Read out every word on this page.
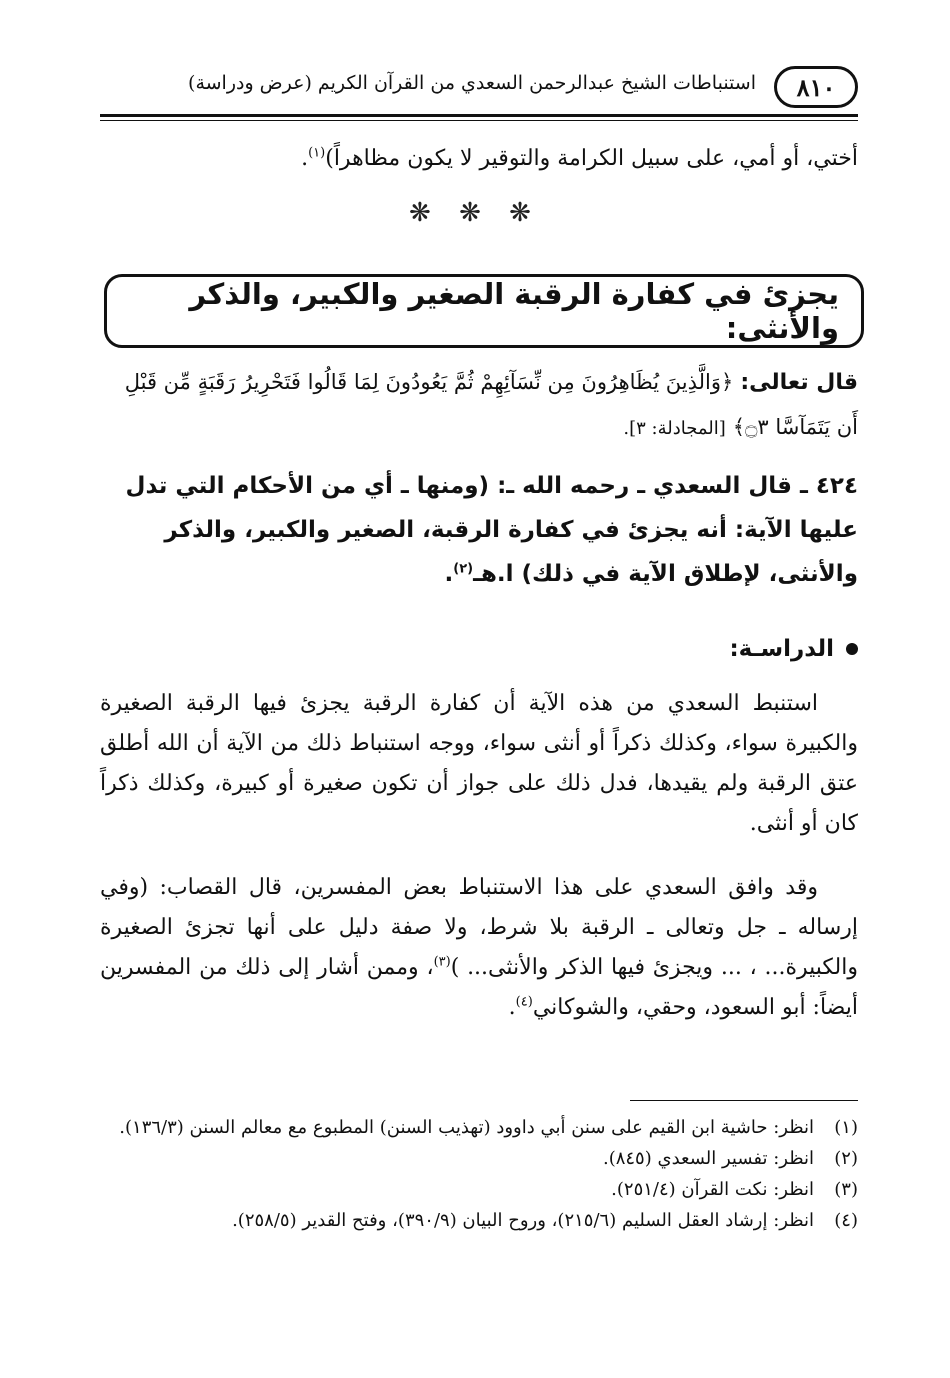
٨١٠
استنباطات الشيخ عبدالرحمن السعدي من القرآن الكريم (عرض ودراسة)
أختي، أو أمي، على سبيل الكرامة والتوقير لا يكون مظاهراً)$^{(١)}$.
❋ ❋ ❋
يجزئ في كفارة الرقبة الصغير والكبير، والذكر والأنثى:
قال تعالى: ﴿وَالَّذِينَ يُظَاهِرُونَ مِن نِّسَآئِهِمْ ثُمَّ يَعُودُونَ لِمَا قَالُوا فَتَحْرِيرُ رَقَبَةٍ مِّن قَبْلِ أَن يَتَمَآسَّا ۝٣﴾ [المجادلة: ٣].
٤٢٤ ـ قال السعدي ـ رحمه الله ـ: (ومنها ـ أي من الأحكام التي تدل عليها الآية: أنه يجزئ في كفارة الرقبة، الصغير والكبير، والذكر والأنثى، لإطلاق الآية في ذلك) ا.هـ$^{(٢)}$.
الدراسـة:

استنبط السعدي من هذه الآية أن كفارة الرقبة يجزئ فيها الرقبة الصغيرة والكبيرة سواء، وكذلك ذكراً أو أنثى سواء، ووجه استنباط ذلك من الآية أن الله أطلق عتق الرقبة ولم يقيدها، فدل ذلك على جواز أن تكون صغيرة أو كبيرة، وكذلك ذكراً كان أو أنثى.

وقد وافق السعدي على هذا الاستنباط بعض المفسرين، قال القصاب: (وفي إرساله ـ جل وتعالى ـ الرقبة بلا شرط، ولا صفة دليل على أنها تجزئ الصغيرة والكبيرة... ، ... ويجزئ فيها الذكر والأنثى... )$^{(٣)}$، وممن أشار إلى ذلك من المفسرين أيضاً: أبو السعود، وحقي، والشوكاني$^{(٤)}$.

(١)
انظر: حاشية ابن القيم على سنن أبي داوود (تهذيب السنن) المطبوع مع معالم السنن (١٣٦/٣).
(٢)
انظر: تفسير السعدي (٨٤٥).
(٣)
انظر: نكت القرآن (٢٥١/٤).
(٤)
انظر: إرشاد العقل السليم (٢١٥/٦)، وروح البيان (٣٩٠/٩)، وفتح القدير (٢٥٨/٥).
